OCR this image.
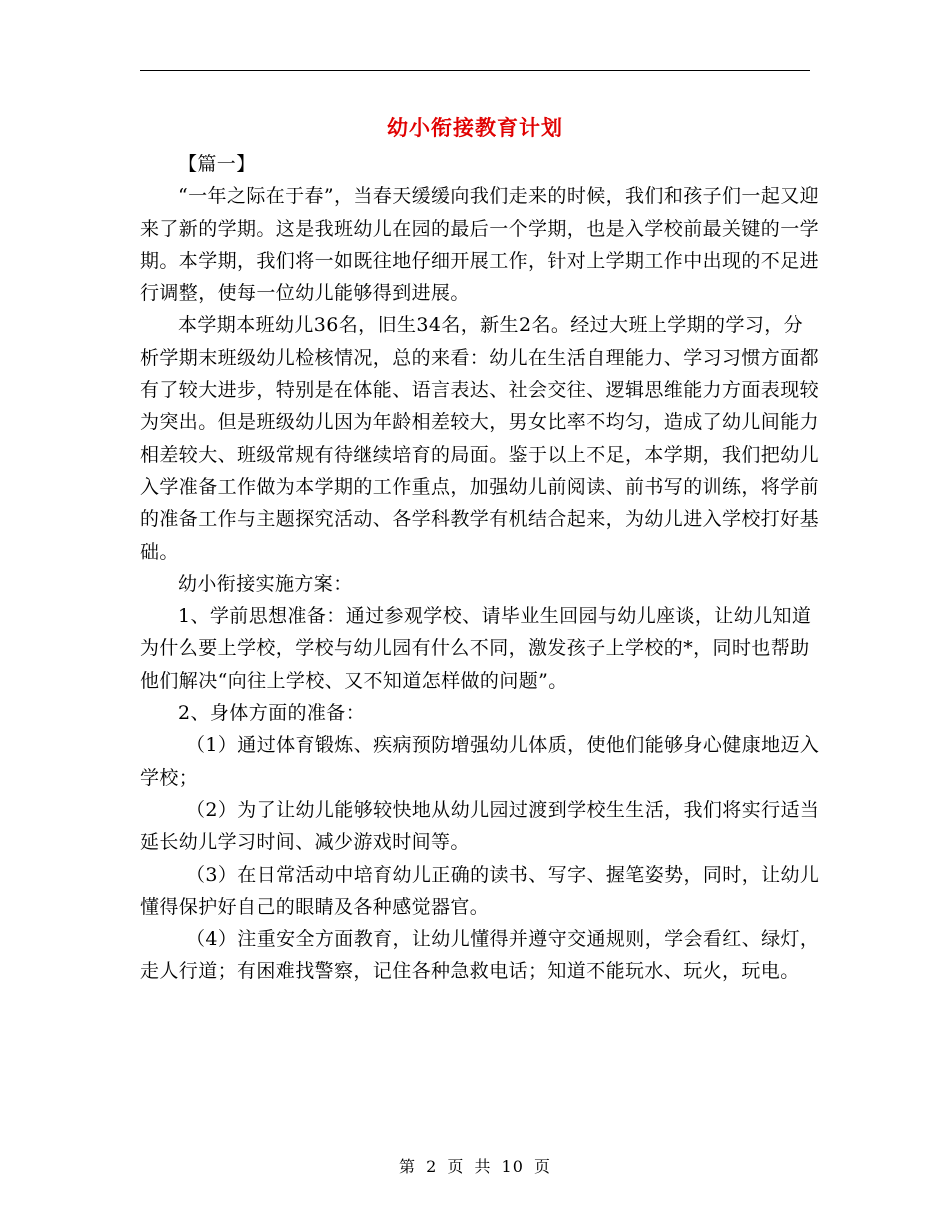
幼小衔接教育计划

【篇一】

“一年之际在于春”，当春天缓缓向我们走来的时候，我们和孩子们一起又迎来了新的学期。这是我班幼儿在园的最后一个学期，也是入学校前最关键的一学期。本学期，我们将一如既往地仔细开展工作，针对上学期工作中出现的不足进行调整，使每一位幼儿能够得到进展。

本学期本班幼儿36名，旧生34名，新生2名。经过大班上学期的学习，分析学期末班级幼儿检核情况，总的来看：幼儿在生活自理能力、学习习惯方面都有了较大进步，特别是在体能、语言表达、社会交往、逻辑思维能力方面表现较为突出。但是班级幼儿因为年龄相差较大，男女比率不均匀，造成了幼儿间能力相差较大、班级常规有待继续培育的局面。鉴于以上不足，本学期，我们把幼儿入学准备工作做为本学期的工作重点，加强幼儿前阅读、前书写的训练，将学前的准备工作与主题探究活动、各学科教学有机结合起来，为幼儿进入学校打好基础。

幼小衔接实施方案：

1、学前思想准备：通过参观学校、请毕业生回园与幼儿座谈，让幼儿知道为什么要上学校，学校与幼儿园有什么不同，激发孩子上学校的*，同时也帮助他们解决“向往上学校、又不知道怎样做的问题”。

2、身体方面的准备：

（1）通过体育锻炼、疾病预防增强幼儿体质，使他们能够身心健康地迈入学校；

（2）为了让幼儿能够较快地从幼儿园过渡到学校生生活，我们将实行适当延长幼儿学习时间、减少游戏时间等。

（3）在日常活动中培育幼儿正确的读书、写字、握笔姿势，同时，让幼儿懂得保护好自己的眼睛及各种感觉器官。

（4）注重安全方面教育，让幼儿懂得并遵守交通规则，学会看红、绿灯，走人行道；有困难找警察，记住各种急救电话；知道不能玩水、玩火，玩电。

第 2 页 共 10 页
